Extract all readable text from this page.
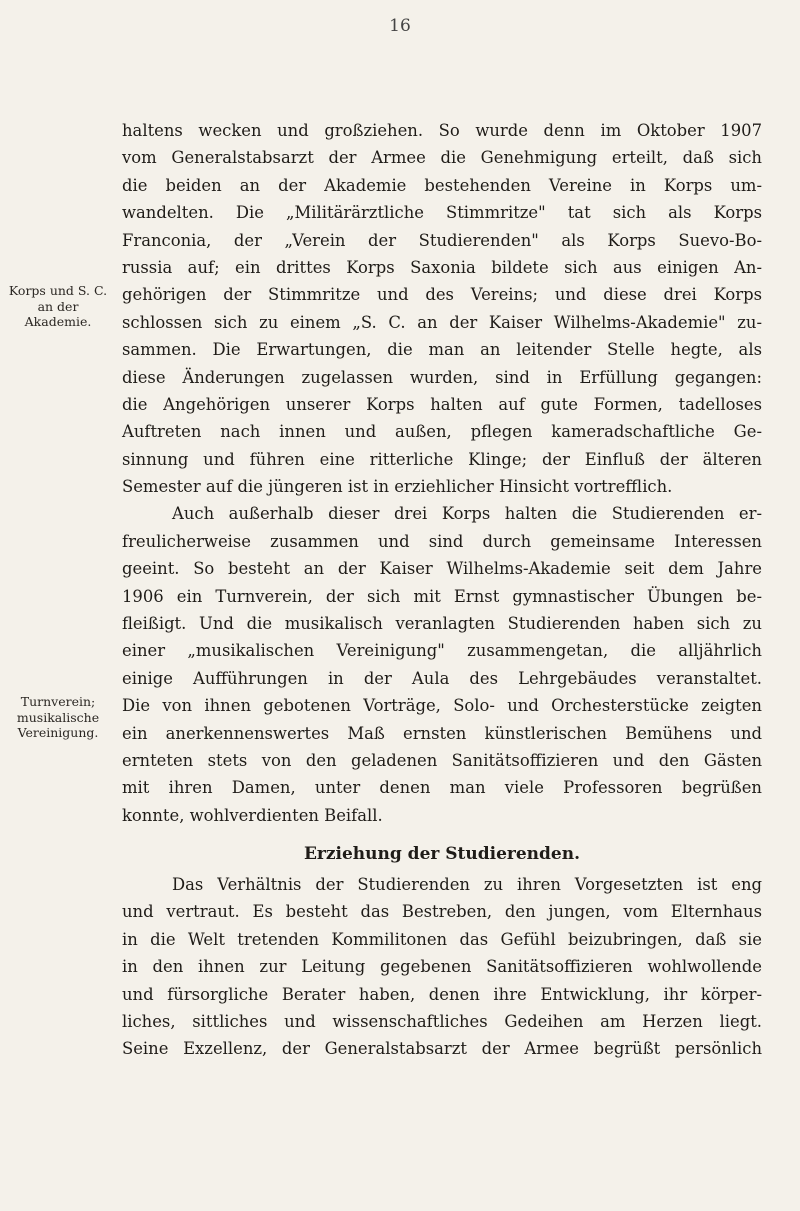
16
Korps und S. C. an der Akademie.
Turnverein; musikalische Vereinigung.
haltens wecken und großziehen. So wurde denn im Oktober 1907
vom Generalstabsarzt der Armee die Genehmigung erteilt, daß sich
die beiden an der Akademie bestehenden Vereine in Korps um-
wandelten. Die „Militärärztliche Stimmritze" tat sich als Korps
Franconia, der „Verein der Studierenden" als Korps Suevo-Bo-
russia auf; ein drittes Korps Saxonia bildete sich aus einigen An-
gehörigen der Stimmritze und des Vereins; und diese drei Korps
schlossen sich zu einem „S. C. an der Kaiser Wilhelms-Akademie" zu-
sammen. Die Erwartungen, die man an leitender Stelle hegte, als
diese Änderungen zugelassen wurden, sind in Erfüllung gegangen:
die Angehörigen unserer Korps halten auf gute Formen, tadelloses
Auftreten nach innen und außen, pflegen kameradschaftliche Ge-
sinnung und führen eine ritterliche Klinge; der Einfluß der älteren
Semester auf die jüngeren ist in erziehlicher Hinsicht vortrefflich.
Auch außerhalb dieser drei Korps halten die Studierenden er-
freulicherweise zusammen und sind durch gemeinsame Interessen
geeint. So besteht an der Kaiser Wilhelms-Akademie seit dem Jahre
1906 ein Turnverein, der sich mit Ernst gymnastischer Übungen be-
fleißigt. Und die musikalisch veranlagten Studierenden haben sich zu
einer „musikalischen Vereinigung" zusammengetan, die alljährlich
einige Aufführungen in der Aula des Lehrgebäudes veranstaltet.
Die von ihnen gebotenen Vorträge, Solo- und Orchesterstücke zeigten
ein anerkennenswertes Maß ernsten künstlerischen Bemühens und
ernteten stets von den geladenen Sanitätsoffizieren und den Gästen
mit ihren Damen, unter denen man viele Professoren begrüßen
konnte, wohlverdienten Beifall.
Erziehung der Studierenden.
Das Verhältnis der Studierenden zu ihren Vorgesetzten ist eng
und vertraut. Es besteht das Bestreben, den jungen, vom Elternhaus
in die Welt tretenden Kommilitonen das Gefühl beizubringen, daß sie
in den ihnen zur Leitung gegebenen Sanitätsoffizieren wohlwollende
und fürsorgliche Berater haben, denen ihre Entwicklung, ihr körper-
liches, sittliches und wissenschaftliches Gedeihen am Herzen liegt.
Seine Exzellenz, der Generalstabsarzt der Armee begrüßt persönlich
